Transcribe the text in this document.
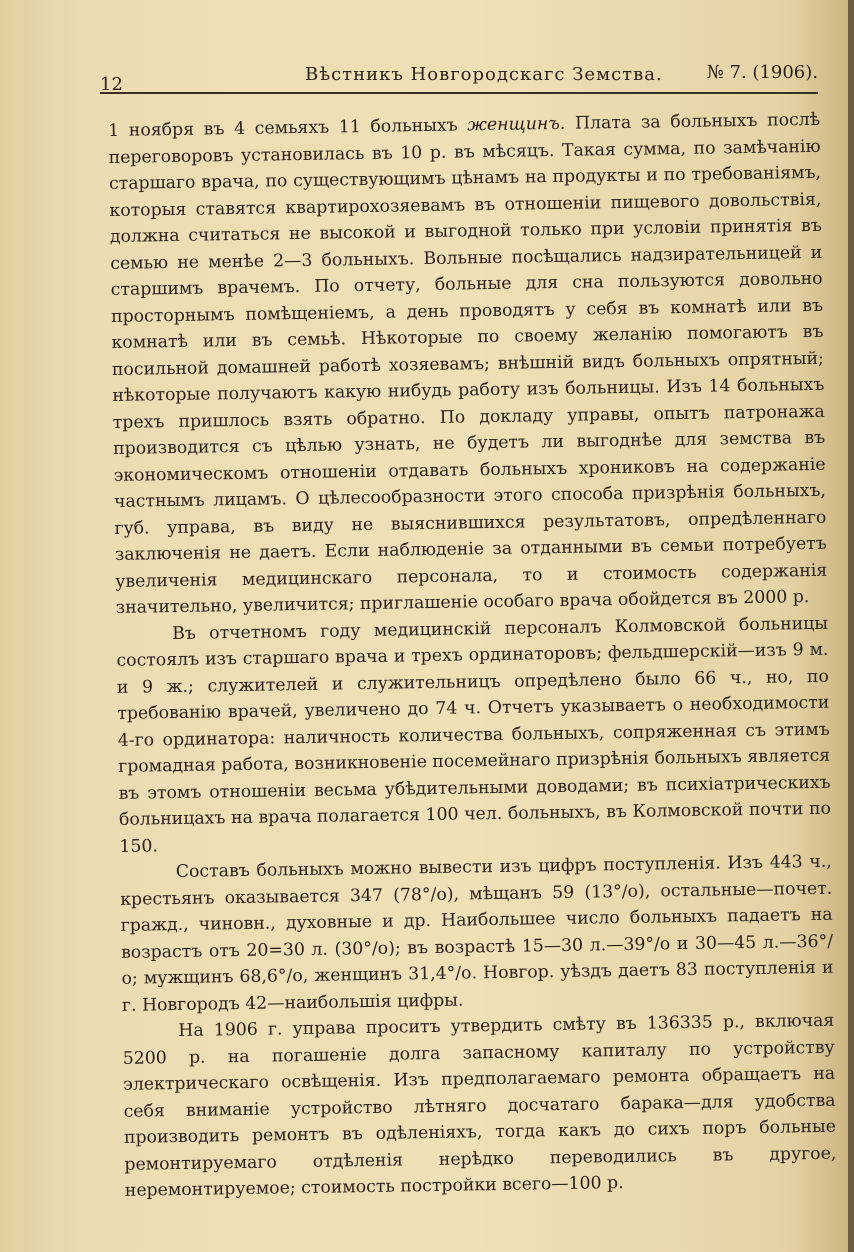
12	Вѣстникъ Новгородскагс Земства. № 7. (1906).

1 ноября въ 4 семьяхъ 11 больныхъ женщинъ. Плата за больныхъ послѣ переговоровъ установилась въ 10 р. въ мѣсяцъ. Такая сумма, по замѣчанію старшаго врача, по существующимъ цѣнамъ на продукты и по требованіямъ, которыя ставятся квартирохозяевамъ въ отношеніи пищевого довольствія, должна считаться не высокой и выгодной только при условіи принятія въ семью не менѣе 2—3 больныхъ. Вольные посѣщались надзирательницей и старшимъ врачемъ. По отчету, больные для сна пользуются довольно просторнымъ помѣщеніемъ, а день проводятъ у себя въ комнатѣ или въ комнатѣ или въ семьѣ. Нѣкоторые по своему желанію помогаютъ въ посильной домашней работѣ хозяевамъ; внѣшній видъ больныхъ опрятный; нѣкоторые получаютъ какую нибудь работу изъ больницы. Изъ 14 больныхъ трехъ пришлось взять обратно. По докладу управы, опытъ патронажа производится съ цѣлью узнать, не будетъ ли выгоднѣе для земства въ экономическомъ отношеніи отдавать больныхъ хрониковъ на содержаніе частнымъ лицамъ. О цѣлесообразности этого способа призрѣнія больныхъ, губ. управа, въ виду не выяснившихся результатовъ, опредѣленнаго заключенія не даетъ. Если наблюденіе за отданными въ семьи потребуетъ увеличенія медицинскаго персонала, то и стоимость содержанія значительно, увеличится; приглашеніе особаго врача обойдется въ 2000 р.

Въ отчетномъ году медицинскій персоналъ Колмовской больницы состоялъ изъ старшаго врача и трехъ ординаторовъ; фельдшерскій—изъ 9 м. и 9 ж.; служителей и служительницъ опредѣлено было 66 ч., но, по требованію врачей, увеличено до 74 ч. Отчетъ указываетъ о необходимости 4-го ординатора: наличность количества больныхъ, сопряженная съ этимъ громадная работа, возникновеніе посемейнаго призрѣнія больныхъ является въ этомъ отношеніи весьма убѣдительными доводами; въ психіатрическихъ больницахъ на врача полагается 100 чел. больныхъ, въ Колмовской почти по 150.

Составъ больныхъ можно вывести изъ цифръ поступленія. Изъ 443 ч., крестьянъ оказывается 347 (78°/о), мѣщанъ 59 (13°/о), остальные—почет. гражд., чиновн., духовные и др. Наибольшее число больныхъ падаетъ на возрастъ отъ 20=30 л. (30°/о); въ возрастѣ 15—30 л.—39°/о и 30—45 л.—36°/о; мужщинъ 68,6°/о, женщинъ 31,4°/о. Новгор. уѣздъ даетъ 83 поступленія и г. Новгородъ 42—наибольшія цифры.

На 1906 г. управа проситъ утвердить смѣту въ 136335 р., включая 5200 р. на погашеніе долга запасному капиталу по устройству электрическаго освѣщенія. Изъ предполагаемаго ремонта обращаетъ на себя вниманіе устройство лѣтняго досчатаго барака—для удобства производить ремонтъ въ одѣленіяхъ, тогда какъ до сихъ поръ больные ремонтируемаго отдѣленія нерѣдко переводились въ другое, неремонтируемое; стоимость постройки всего—100 р.
